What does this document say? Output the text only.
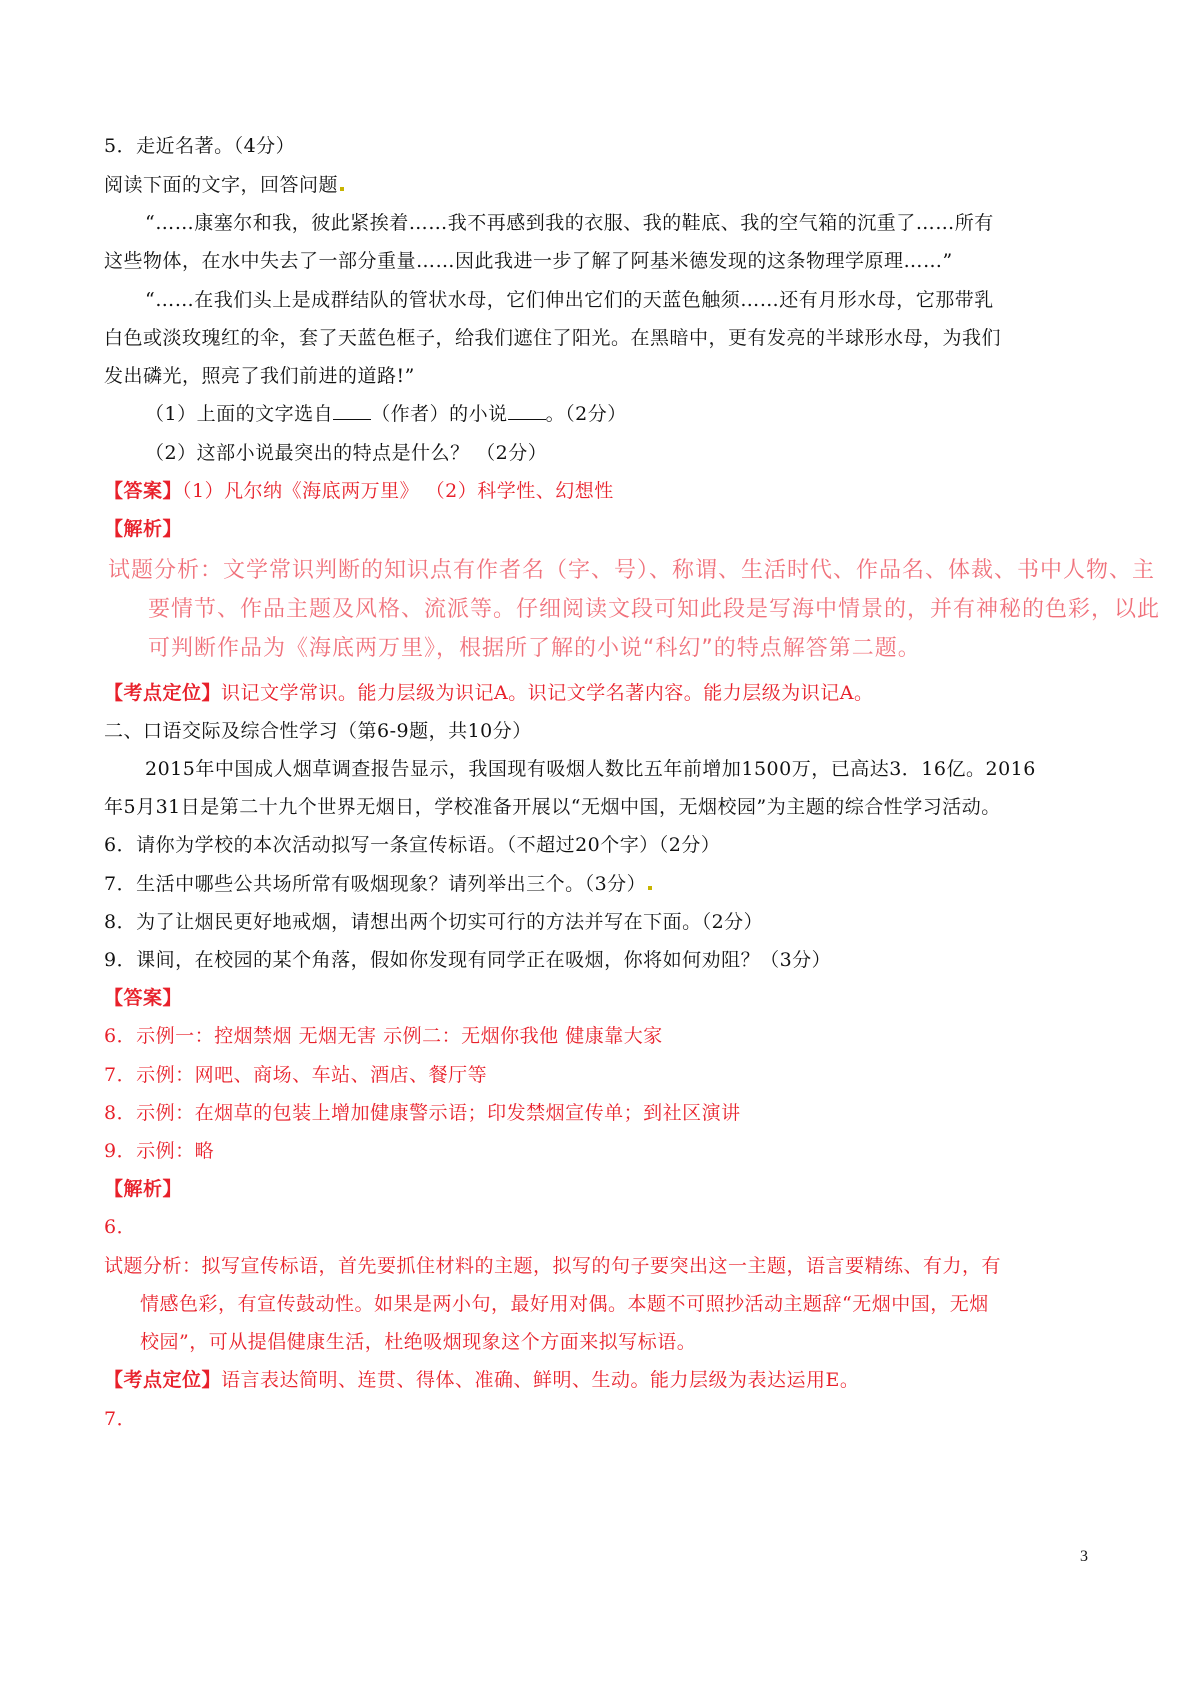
5．走近名著。（4分）
阅读下面的文字，回答问题
“……康塞尔和我，彼此紧挨着……我不再感到我的衣服、我的鞋底、我的空气箱的沉重了……所有
这些物体，在水中失去了一部分重量……因此我进一步了解了阿基米德发现的这条物理学原理……”
“……在我们头上是成群结队的管状水母，它们伸出它们的天蓝色触须……还有月形水母，它那带乳
白色或淡玫瑰红的伞，套了天蓝色框子，给我们遮住了阳光。在黑暗中，更有发亮的半球形水母，为我们
发出磷光，照亮了我们前进的道路!”
（1）上面的文字选自 （作者）的小说 。（2分）
（2）这部小说最突出的特点是什么？ （2分）
【答案】（1）凡尔纳《海底两万里》 （2）科学性、幻想性
【解析】
试题分析：文学常识判断的知识点有作者名（字、号）、称谓、生活时代、作品名、体裁、书中人物、主
要情节、作品主题及风格、流派等。仔细阅读文段可知此段是写海中情景的，并有神秘的色彩，以此
可判断作品为《海底两万里》，根据所了解的小说“科幻”的特点解答第二题。
【考点定位】识记文学常识。能力层级为识记A。识记文学名著内容。能力层级为识记A。
二、口语交际及综合性学习（第6-9题，共10分）
2015年中国成人烟草调查报告显示，我国现有吸烟人数比五年前增加1500万，已高达3．16亿。2016
年5月31日是第二十九个世界无烟日，学校准备开展以“无烟中国，无烟校园”为主题的综合性学习活动。
6．请你为学校的本次活动拟写一条宣传标语。（不超过20个字）（2分）
7．生活中哪些公共场所常有吸烟现象？请列举出三个。（3分）
8．为了让烟民更好地戒烟，请想出两个切实可行的方法并写在下面。（2分）
9．课间，在校园的某个角落，假如你发现有同学正在吸烟，你将如何劝阻？（3分）
【答案】
6．示例一：控烟禁烟 无烟无害 示例二：无烟你我他 健康靠大家
7．示例：网吧、商场、车站、酒店、餐厅等
8．示例：在烟草的包装上增加健康警示语；印发禁烟宣传单；到社区演讲
9．示例：略
【解析】
6．
试题分析：拟写宣传标语，首先要抓住材料的主题，拟写的句子要突出这一主题，语言要精练、有力，有
情感色彩，有宣传鼓动性。如果是两小句，最好用对偶。本题不可照抄活动主题辞“无烟中国，无烟
校园”，可从提倡健康生活，杜绝吸烟现象这个方面来拟写标语。
【考点定位】语言表达简明、连贯、得体、准确、鲜明、生动。能力层级为表达运用E。
7．
3
